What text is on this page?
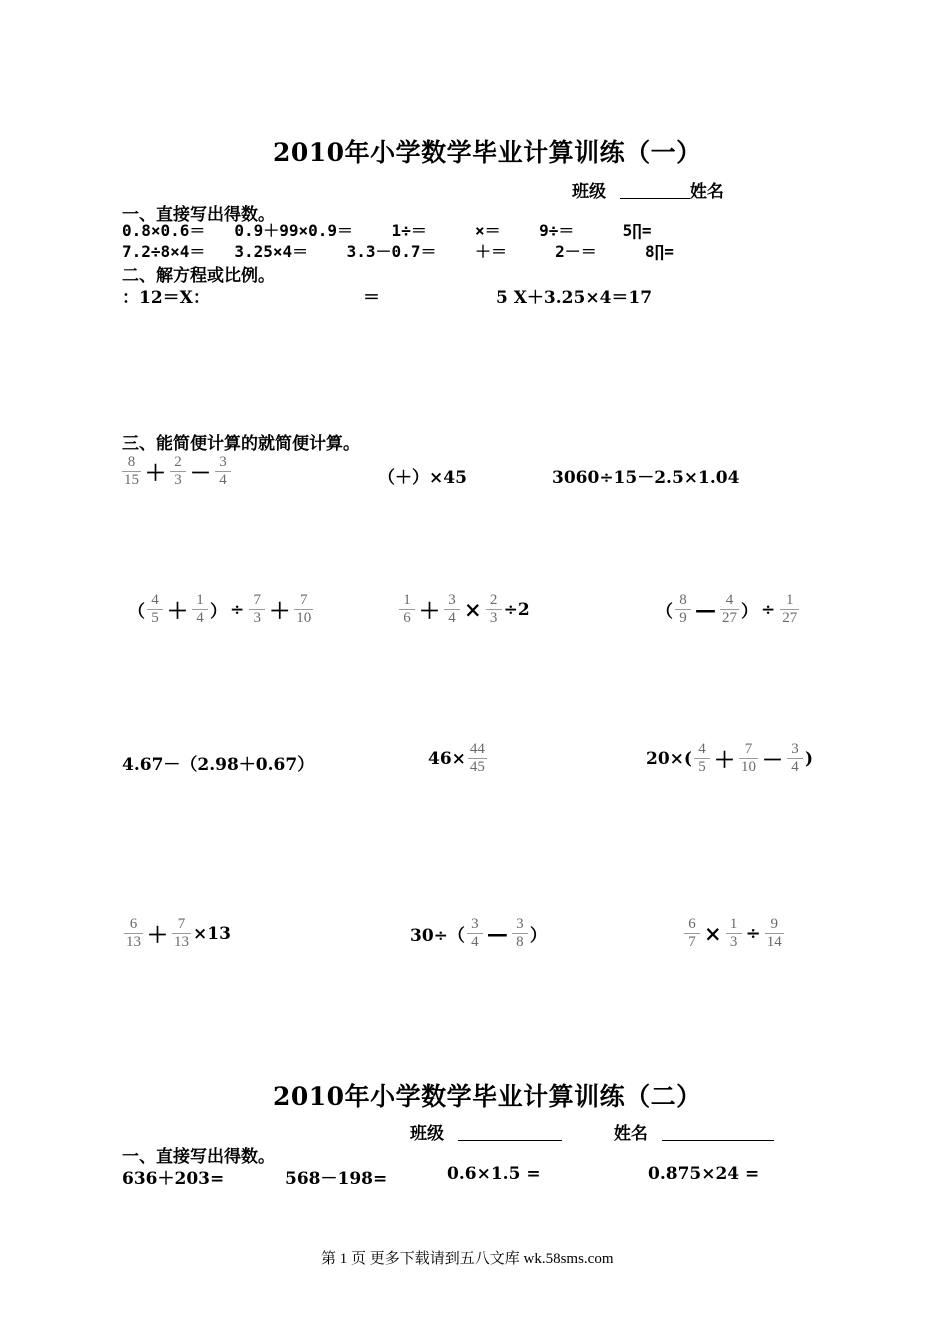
2010年小学数学毕业计算训练（一）
班级	姓名
一、直接写出得数。
0.8×0.6＝   0.9＋99×0.9＝    1÷＝     ×＝    9÷＝     5∏=
7.2÷8×4＝   3.25×4＝    3.3－0.7＝    ＋＝     2－＝     8∏=
二、解方程或比例。
：12＝X：	＝	5 X＋3.25×4＝17
三、能简便计算的就简便计算。
$\frac{8}{15} + \frac{2}{3} - \frac{3}{4}$	（＋）×45	3060÷15－2.5×1.04
（ $\frac{4}{5} + \frac{1}{4}$ ） ÷ $\frac{7}{3} + \frac{7}{10}$	$\frac{1}{6} + \frac{3}{4} \times \frac{2}{3} \div 2$	（ $\frac{8}{9}$ — $\frac{4}{27}$ ） ÷ $\frac{1}{27}$
4.67－（2.98＋0.67）	$46\times \frac{44}{45}$	$20\times( \frac{4}{5} + \frac{7}{10} - \frac{3}{4}$ )
$\frac{6}{13} + \frac{7}{13} \times 13$	$30\div( \frac{3}{4}$ — $\frac{3}{8}$ ）	$\frac{6}{7} \times \frac{1}{3} \div \frac{9}{14}$
2010年小学数学毕业计算训练（二）
班级	姓名
一、直接写出得数。
636＋203=	568－198=	0.6×1.5 =	0.875×24 =
第 1 页 更多下载请到五八文库 wk.58sms.com
